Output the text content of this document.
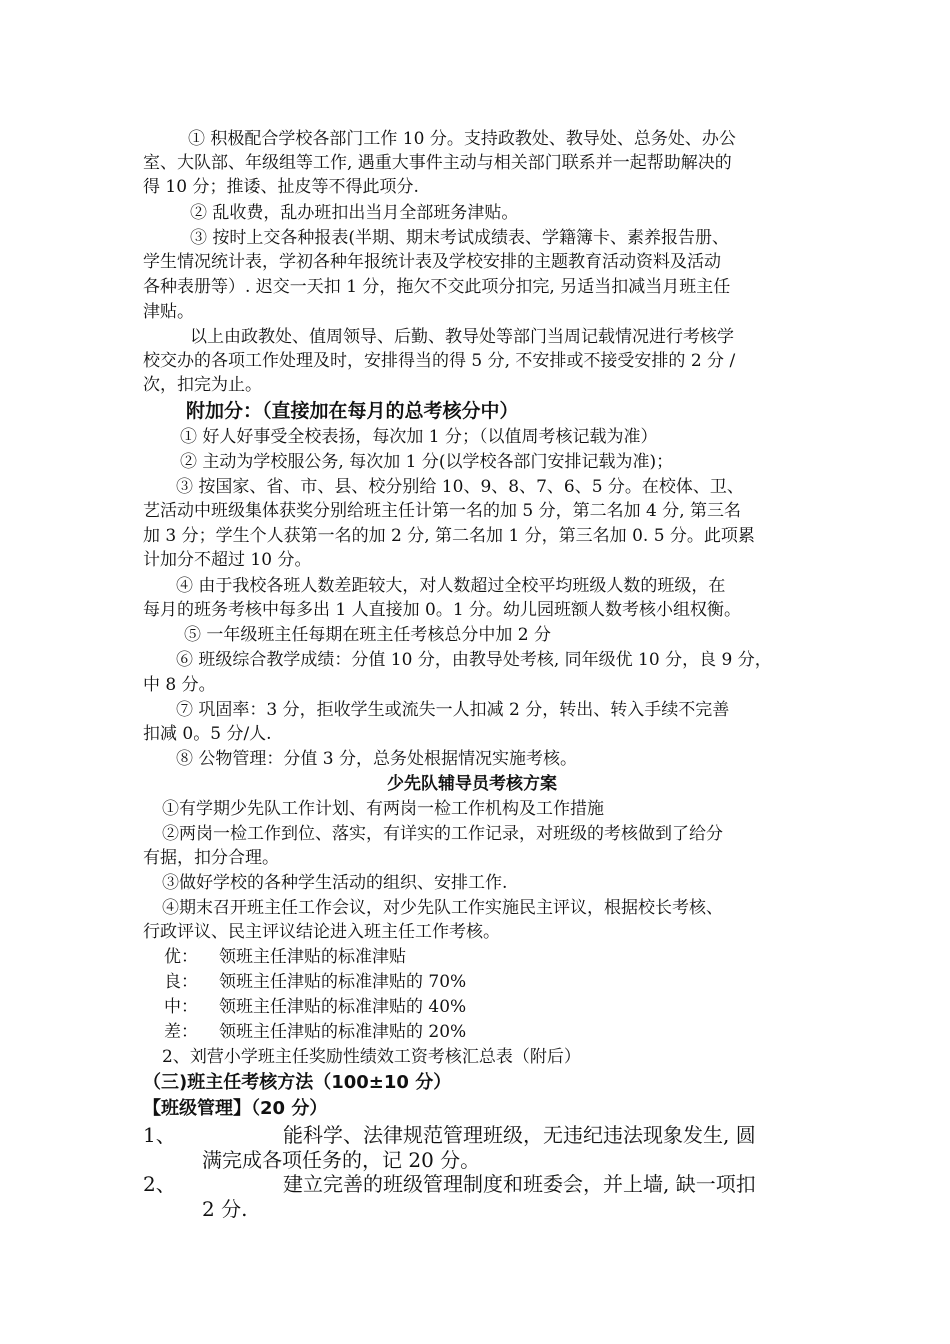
① 积极配合学校各部门工作 10 分。支持政教处、教导处、总务处、办公
室、大队部、年级组等工作, 遇重大事件主动与相关部门联系并一起帮助解决的
得 10 分；推诿、扯皮等不得此项分.
② 乱收费，乱办班扣出当月全部班务津贴。
③ 按时上交各种报表(半期、期末考试成绩表、学籍簿卡、素养报告册、
学生情况统计表，学初各种年报统计表及学校安排的主题教育活动资料及活动
各种表册等）. 迟交一天扣 1 分，拖欠不交此项分扣完, 另适当扣减当月班主任
津贴。
以上由政教处、值周领导、后勤、教导处等部门当周记载情况进行考核学
校交办的各项工作处理及时，安排得当的得 5 分, 不安排或不接受安排的 2 分 /
次，扣完为止。
附加分：（直接加在每月的总考核分中）
① 好人好事受全校表扬，每次加 1 分；（以值周考核记载为准）
② 主动为学校服公务, 每次加 1 分(以学校各部门安排记载为准)；
③ 按国家、省、市、县、校分别给 10、9、8、7、6、5 分。在校体、卫、
艺活动中班级集体获奖分别给班主任计第一名的加 5 分，第二名加 4 分, 第三名
加 3 分；学生个人获第一名的加 2 分, 第二名加 1 分，第三名加 0. 5 分。此项累
计加分不超过 10 分。
④ 由于我校各班人数差距较大，对人数超过全校平均班级人数的班级，在
每月的班务考核中每多出 1 人直接加 0。1 分。幼儿园班额人数考核小组权衡。
⑤ 一年级班主任每期在班主任考核总分中加 2 分
⑥ 班级综合教学成绩：分值 10 分，由教导处考核, 同年级优 10 分，良 9 分，
中 8 分。
⑦ 巩固率：3 分，拒收学生或流失一人扣减 2 分，转出、转入手续不完善
扣减 0。5 分/人.
⑧ 公物管理：分值 3 分，总务处根据情况实施考核。
少先队辅导员考核方案
①有学期少先队工作计划、有两岗一检工作机构及工作措施
②两岗一检工作到位、落实，有详实的工作记录，对班级的考核做到了给分
有据，扣分合理。
③做好学校的各种学生活动的组织、安排工作.
④期末召开班主任工作会议，对少先队工作实施民主评议，根据校长考核、
行政评议、民主评议结论进入班主任工作考核。
优： 领班主任津贴的标准津贴
良： 领班主任津贴的标准津贴的 70%
中： 领班主任津贴的标准津贴的 40%
差： 领班主任津贴的标准津贴的 20%
2、刘营小学班主任奖励性绩效工资考核汇总表（附后）
（三)班主任考核方法（100±10 分）
【班级管理】（20 分）
1、	能科学、法律规范管理班级，无违纪违法现象发生, 圆
满完成各项任务的，记 20 分。
2、	建立完善的班级管理制度和班委会，并上墙, 缺一项扣
2 分.
